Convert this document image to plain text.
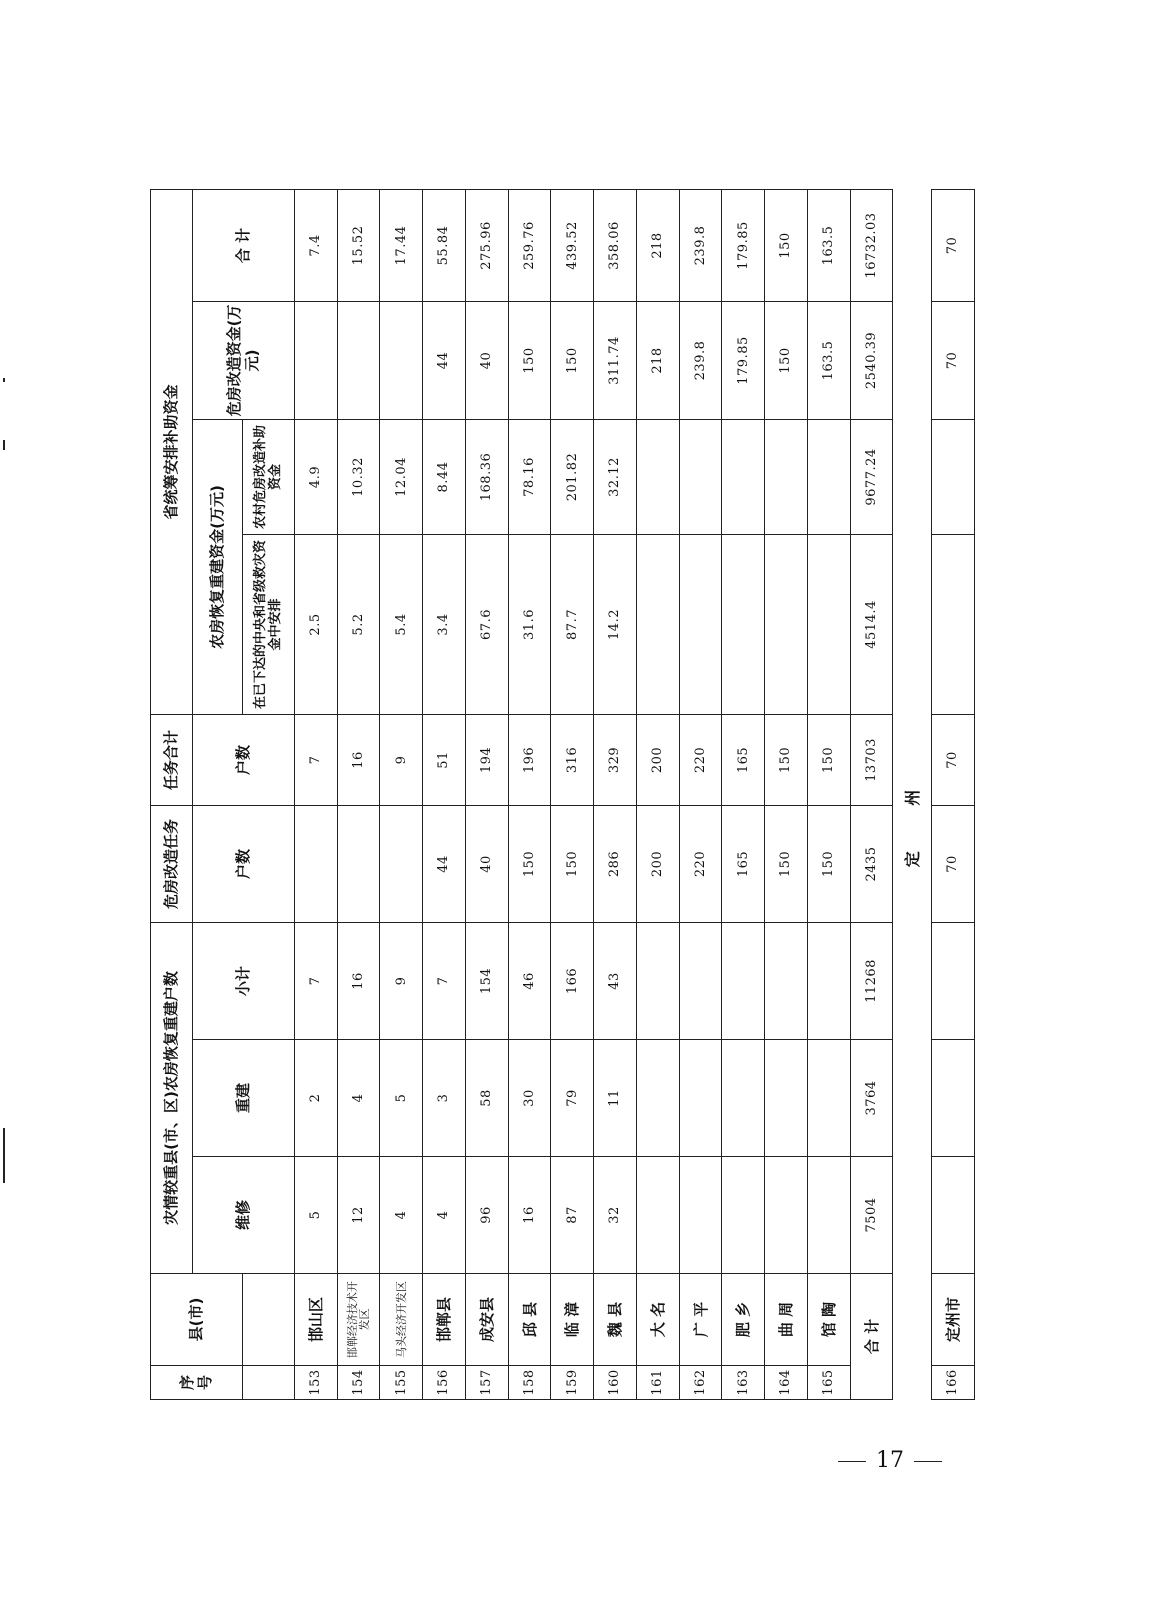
序号	县(市)	灾情较重县(市、区)农房恢复重建户数			危房改造任务	任务合计	省统筹安排补助资金			
		维修	重建	小计	户数	户数	农房恢复重建资金(万元)		危房改造资金(万元)	合 计
							在已下达的中央和省级救灾资金中安排	农村危房改造补助资金		
153	邯山区	5	2	7		7	2.5	4.9		7.4
154	邯郸经济技术开发区	12	4	16		16	5.2	10.32		15.52
155	马头经济开发区	4	5	9		9	5.4	12.04		17.44
156	邯郸县	4	3	7	44	51	3.4	8.44	44	55.84
157	成安县	96	58	154	40	194	67.6	168.36	40	275.96
158	邱 县	16	30	46	150	196	31.6	78.16	150	259.76
159	临 漳	87	79	166	150	316	87.7	201.82	150	439.52
160	魏 县	32	11	43	286	329	14.2	32.12	311.74	358.06
161	大 名				200	200			218	218
162	广 平				220	220			239.8	239.8
163	肥 乡				165	165			179.85	179.85
164	曲 周				150	150			150	150
165	馆 陶				150	150			163.5	163.5
合 计		7504	3764	11268	2435	13703	4514.4	9677.24	2540.39	16732.03
					定 州					
166	定州市				70	70			70	70
17
